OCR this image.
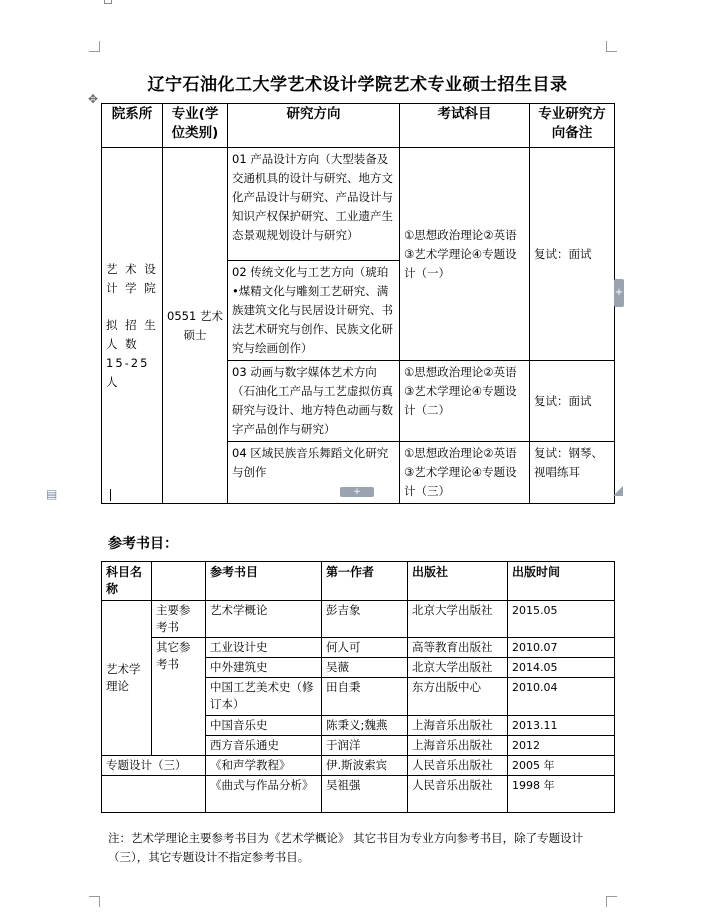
辽宁石油化工大学艺术设计学院艺术专业硕士招生目录
✥
院系所	专业(学位类别)	研究方向	考试科目	专业研究方向备注

艺 术 设 计 学 院
拟 招 生 人 数 15-25人	0551 艺术硕士	01 产品设计方向（大型装备及交通机具的设计与研究、地方文化产品设计与研究、产品设计与知识产权保护研究、工业遗产生态景观规划设计与研究）	①思想政治理论②英语③艺术学理论④专题设计（一）	复试：面试
		02 传统文化与工艺方向（琥珀•煤精文化与雕刻工艺研究、满族建筑文化与民居设计研究、书法艺术研究与创作、民族文化研究与绘画创作）		
		03 动画与数字媒体艺术方向（石油化工产品与工艺虚拟仿真研究与设计、地方特色动画与数字产品创作与研究）	①思想政治理论②英语③艺术学理论④专题设计（二）	复试：面试
		04 区域民族音乐舞蹈文化研究与创作	①思想政治理论②英语③艺术学理论④专题设计（三）	复试：钢琴、视唱练耳
+
+
▤
参考书目：
科目名称		参考书目	第一作者	出版社	出版时间
艺术学理论	主要参考书	艺术学概论	彭吉象	北京大学出版社	2015.05
	其它参考书	工业设计史	何人可	高等教育出版社	2010.07
		中外建筑史	吴薇	北京大学出版社	2014.05
		中国工艺美术史（修订本）	田自秉	东方出版中心	2010.04
		中国音乐史	陈秉义;魏燕	上海音乐出版社	2013.11
		西方音乐通史	于润洋	上海音乐出版社	2012
专题设计（三）		《和声学教程》	伊.斯波索宾	人民音乐出版社	2005 年
		《曲式与作品分析》	吴祖强	人民音乐出版社	1998 年
注：艺术学理论主要参考书目为《艺术学概论》 其它书目为专业方向参考书目，除了专题设计（三），其它专题设计不指定参考书目。
